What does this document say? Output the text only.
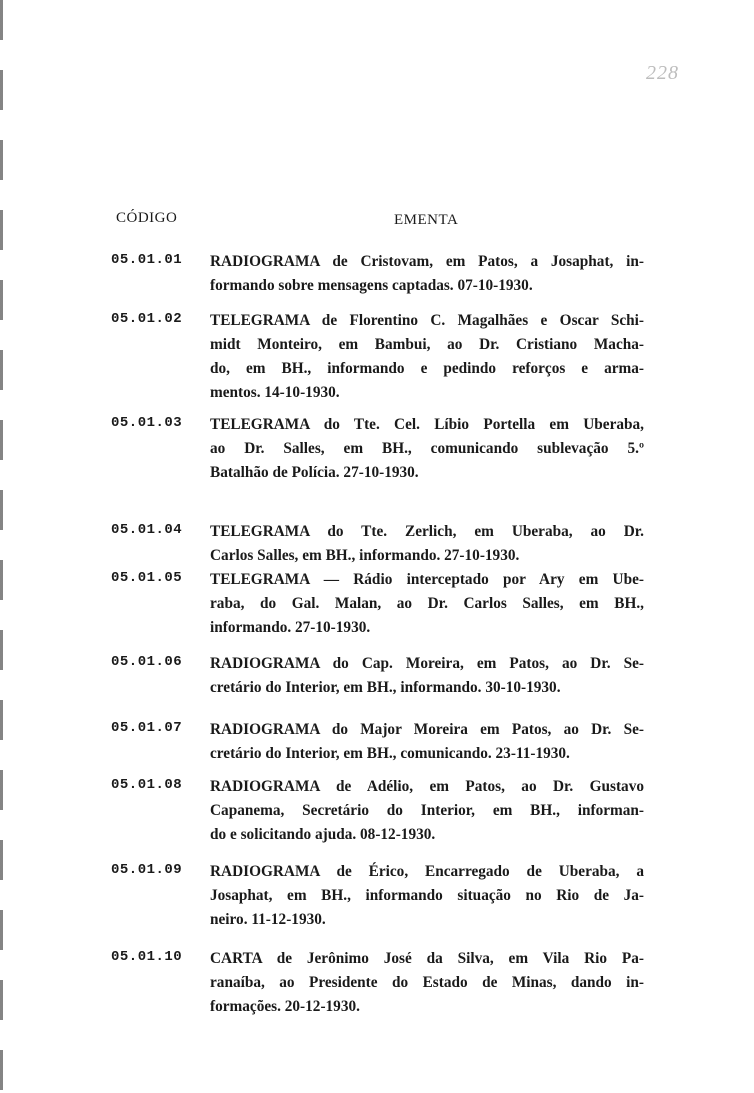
228
CÓDIGO	EMENTA
05.01.01 RADIOGRAMA de Cristovam, em Patos, a Josaphat, in-
formando sobre mensagens captadas. 07-10-1930.
05.01.02 TELEGRAMA de Florentino C. Magalhães e Oscar Schi-
midt Monteiro, em Bambui, ao Dr. Cristiano Macha-
do, em BH., informando e pedindo reforços e arma-
mentos. 14-10-1930.
05.01.03 TELEGRAMA do Tte. Cel. Líbio Portella em Uberaba,
ao Dr. Salles, em BH., comunicando sublevação 5.º
Batalhão de Polícia. 27-10-1930.
05.01.04 TELEGRAMA do Tte. Zerlich, em Uberaba, ao Dr.
Carlos Salles, em BH., informando. 27-10-1930.
05.01.05 TELEGRAMA — Rádio interceptado por Ary em Ube-
raba, do Gal. Malan, ao Dr. Carlos Salles, em BH.,
informando. 27-10-1930.
05.01.06 RADIOGRAMA do Cap. Moreira, em Patos, ao Dr. Se-
cretário do Interior, em BH., informando. 30-10-1930.
05.01.07 RADIOGRAMA do Major Moreira em Patos, ao Dr. Se-
cretário do Interior, em BH., comunicando. 23-11-1930.
05.01.08 RADIOGRAMA de Adélio, em Patos, ao Dr. Gustavo
Capanema, Secretário do Interior, em BH., informan-
do e solicitando ajuda. 08-12-1930.
05.01.09 RADIOGRAMA de Érico, Encarregado de Uberaba, a
Josaphat, em BH., informando situação no Rio de Ja-
neiro. 11-12-1930.
05.01.10 CARTA de Jerônimo José da Silva, em Vila Rio Pa-
ranaíba, ao Presidente do Estado de Minas, dando in-
formações. 20-12-1930.
